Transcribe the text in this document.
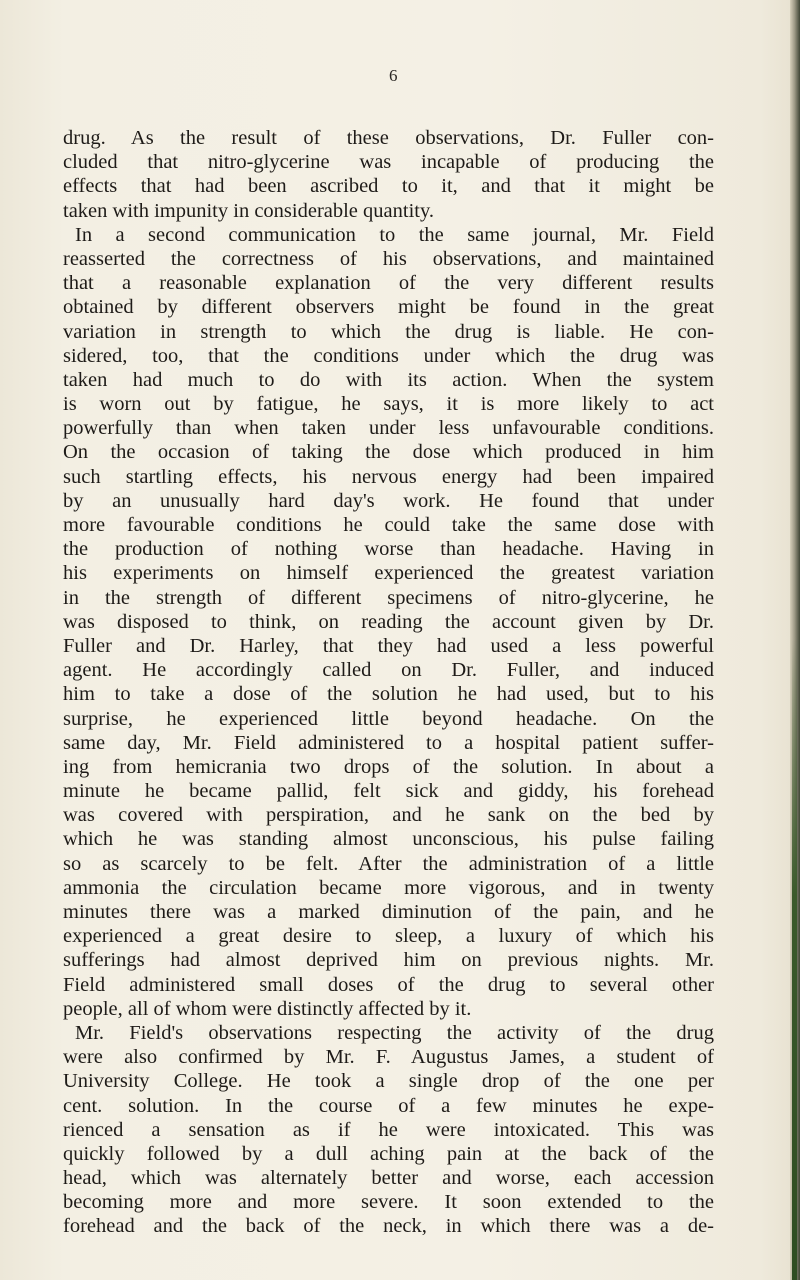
6
drug. As the result of these observations, Dr. Fuller con-
cluded that nitro-glycerine was incapable of producing the
effects that had been ascribed to it, and that it might be
taken with impunity in considerable quantity.
In a second communication to the same journal, Mr. Field
reasserted the correctness of his observations, and maintained
that a reasonable explanation of the very different results
obtained by different observers might be found in the great
variation in strength to which the drug is liable. He con-
sidered, too, that the conditions under which the drug was
taken had much to do with its action. When the system
is worn out by fatigue, he says, it is more likely to act
powerfully than when taken under less unfavourable conditions.
On the occasion of taking the dose which produced in him
such startling effects, his nervous energy had been impaired
by an unusually hard day's work. He found that under
more favourable conditions he could take the same dose with
the production of nothing worse than headache. Having in
his experiments on himself experienced the greatest variation
in the strength of different specimens of nitro-glycerine, he
was disposed to think, on reading the account given by Dr.
Fuller and Dr. Harley, that they had used a less powerful
agent. He accordingly called on Dr. Fuller, and induced
him to take a dose of the solution he had used, but to his
surprise, he experienced little beyond headache. On the
same day, Mr. Field administered to a hospital patient suffer-
ing from hemicrania two drops of the solution. In about a
minute he became pallid, felt sick and giddy, his forehead
was covered with perspiration, and he sank on the bed by
which he was standing almost unconscious, his pulse failing
so as scarcely to be felt. After the administration of a little
ammonia the circulation became more vigorous, and in twenty
minutes there was a marked diminution of the pain, and he
experienced a great desire to sleep, a luxury of which his
sufferings had almost deprived him on previous nights. Mr.
Field administered small doses of the drug to several other
people, all of whom were distinctly affected by it.
Mr. Field's observations respecting the activity of the drug
were also confirmed by Mr. F. Augustus James, a student of
University College. He took a single drop of the one per
cent. solution. In the course of a few minutes he expe-
rienced a sensation as if he were intoxicated. This was
quickly followed by a dull aching pain at the back of the
head, which was alternately better and worse, each accession
becoming more and more severe. It soon extended to the
forehead and the back of the neck, in which there was a de-
